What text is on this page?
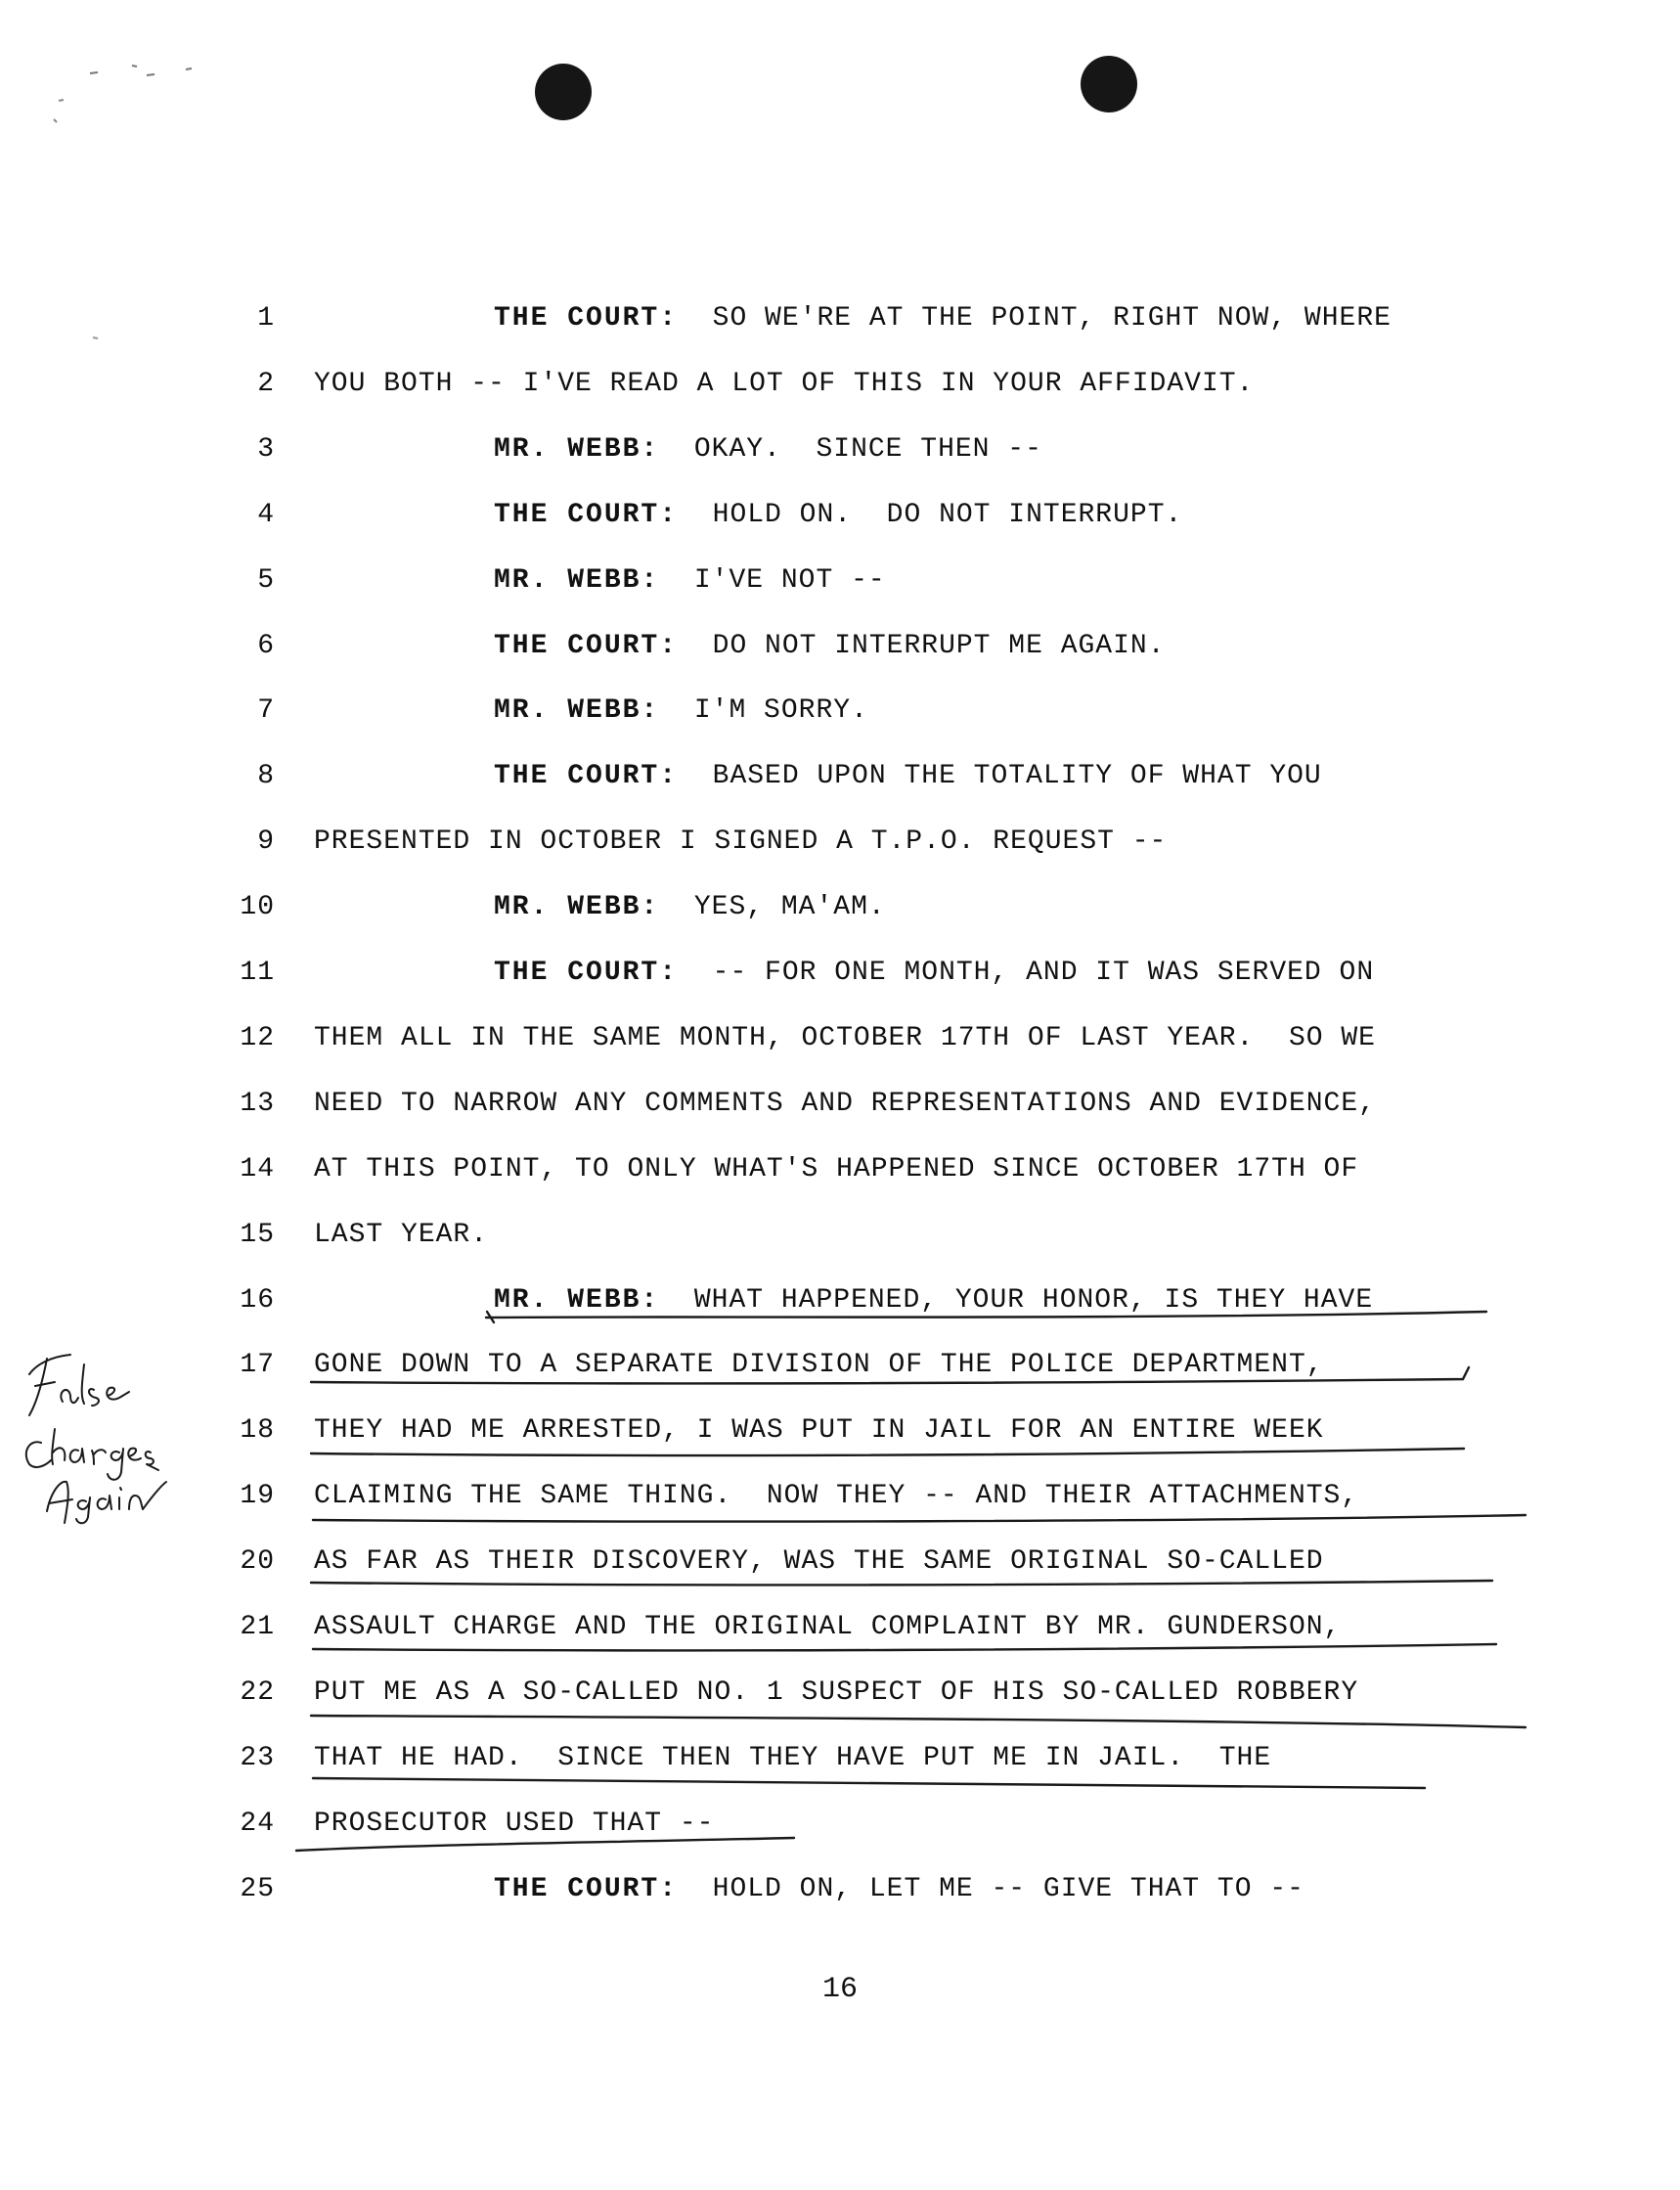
1
2
3
4
5
6
7
8
9
10
11
12
13
14
15
16
17
18
19
20
21
22
23
24
25
THE COURT:  SO WE'RE AT THE POINT, RIGHT NOW, WHERE
YOU BOTH -- I'VE READ A LOT OF THIS IN YOUR AFFIDAVIT.
MR. WEBB:  OKAY.  SINCE THEN --
THE COURT:  HOLD ON.  DO NOT INTERRUPT.
MR. WEBB:  I'VE NOT --
THE COURT:  DO NOT INTERRUPT ME AGAIN.
MR. WEBB:  I'M SORRY.
THE COURT:  BASED UPON THE TOTALITY OF WHAT YOU
PRESENTED IN OCTOBER I SIGNED A T.P.O. REQUEST --
MR. WEBB:  YES, MA'AM.
THE COURT:  -- FOR ONE MONTH, AND IT WAS SERVED ON
THEM ALL IN THE SAME MONTH, OCTOBER 17TH OF LAST YEAR.  SO WE
NEED TO NARROW ANY COMMENTS AND REPRESENTATIONS AND EVIDENCE,
AT THIS POINT, TO ONLY WHAT'S HAPPENED SINCE OCTOBER 17TH OF
LAST YEAR.
MR. WEBB:  WHAT HAPPENED, YOUR HONOR, IS THEY HAVE
GONE DOWN TO A SEPARATE DIVISION OF THE POLICE DEPARTMENT,
THEY HAD ME ARRESTED, I WAS PUT IN JAIL FOR AN ENTIRE WEEK
CLAIMING THE SAME THING.  NOW THEY -- AND THEIR ATTACHMENTS,
AS FAR AS THEIR DISCOVERY, WAS THE SAME ORIGINAL SO-CALLED
ASSAULT CHARGE AND THE ORIGINAL COMPLAINT BY MR. GUNDERSON,
PUT ME AS A SO-CALLED NO. 1 SUSPECT OF HIS SO-CALLED ROBBERY
THAT HE HAD.  SINCE THEN THEY HAVE PUT ME IN JAIL.  THE
PROSECUTOR USED THAT --
THE COURT:  HOLD ON, LET ME -- GIVE THAT TO --
16
